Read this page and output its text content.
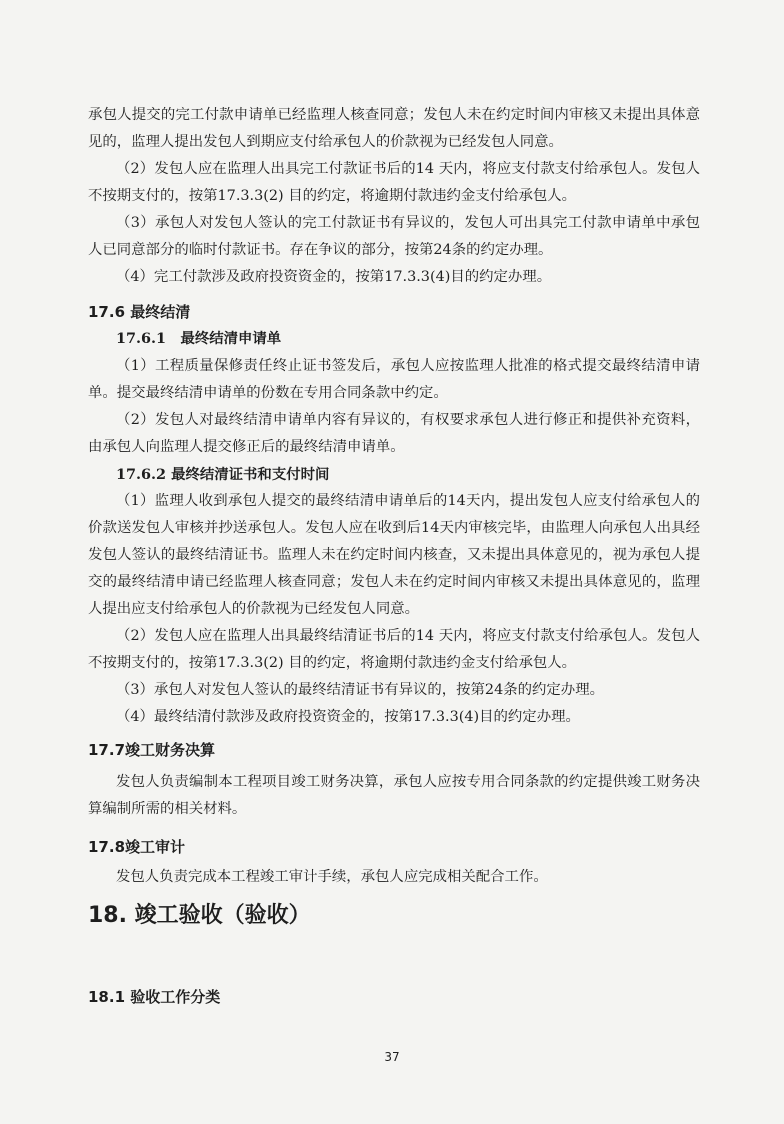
承包人提交的完工付款申请单已经监理人核查同意；发包人未在约定时间内审核又未提出具体意见的，监理人提出发包人到期应支付给承包人的价款视为已经发包人同意。

（2）发包人应在监理人出具完工付款证书后的14 天内，将应支付款支付给承包人。发包人不按期支付的，按第17.3.3(2) 目的约定，将逾期付款违约金支付给承包人。

（3）承包人对发包人签认的完工付款证书有异议的，发包人可出具完工付款申请单中承包人已同意部分的临时付款证书。存在争议的部分，按第24条的约定办理。

（4）完工付款涉及政府投资资金的，按第17.3.3(4)目的约定办理。

17.6 最终结清
17.6.1　最终结清申请单

（1）工程质量保修责任终止证书签发后，承包人应按监理人批准的格式提交最终结清申请单。提交最终结清申请单的份数在专用合同条款中约定。

（2）发包人对最终结清申请单内容有异议的，有权要求承包人进行修正和提供补充资料，由承包人向监理人提交修正后的最终结清申请单。

17.6.2 最终结清证书和支付时间

（1）监理人收到承包人提交的最终结清申请单后的14天内，提出发包人应支付给承包人的价款送发包人审核并抄送承包人。发包人应在收到后14天内审核完毕，由监理人向承包人出具经发包人签认的最终结清证书。监理人未在约定时间内核查，又未提出具体意见的，视为承包人提交的最终结清申请已经监理人核查同意；发包人未在约定时间内审核又未提出具体意见的，监理人提出应支付给承包人的价款视为已经发包人同意。

（2）发包人应在监理人出具最终结清证书后的14 天内，将应支付款支付给承包人。发包人不按期支付的，按第17.3.3(2) 目的约定，将逾期付款违约金支付给承包人。

（3）承包人对发包人签认的最终结清证书有异议的，按第24条的约定办理。

（4）最终结清付款涉及政府投资资金的，按第17.3.3(4)目的约定办理。

17.7竣工财务决算

发包人负责编制本工程项目竣工财务决算，承包人应按专用合同条款的约定提供竣工财务决算编制所需的相关材料。

17.8竣工审计

发包人负责完成本工程竣工审计手续，承包人应完成相关配合工作。

18. 竣工验收（验收）
18.1 验收工作分类
37
